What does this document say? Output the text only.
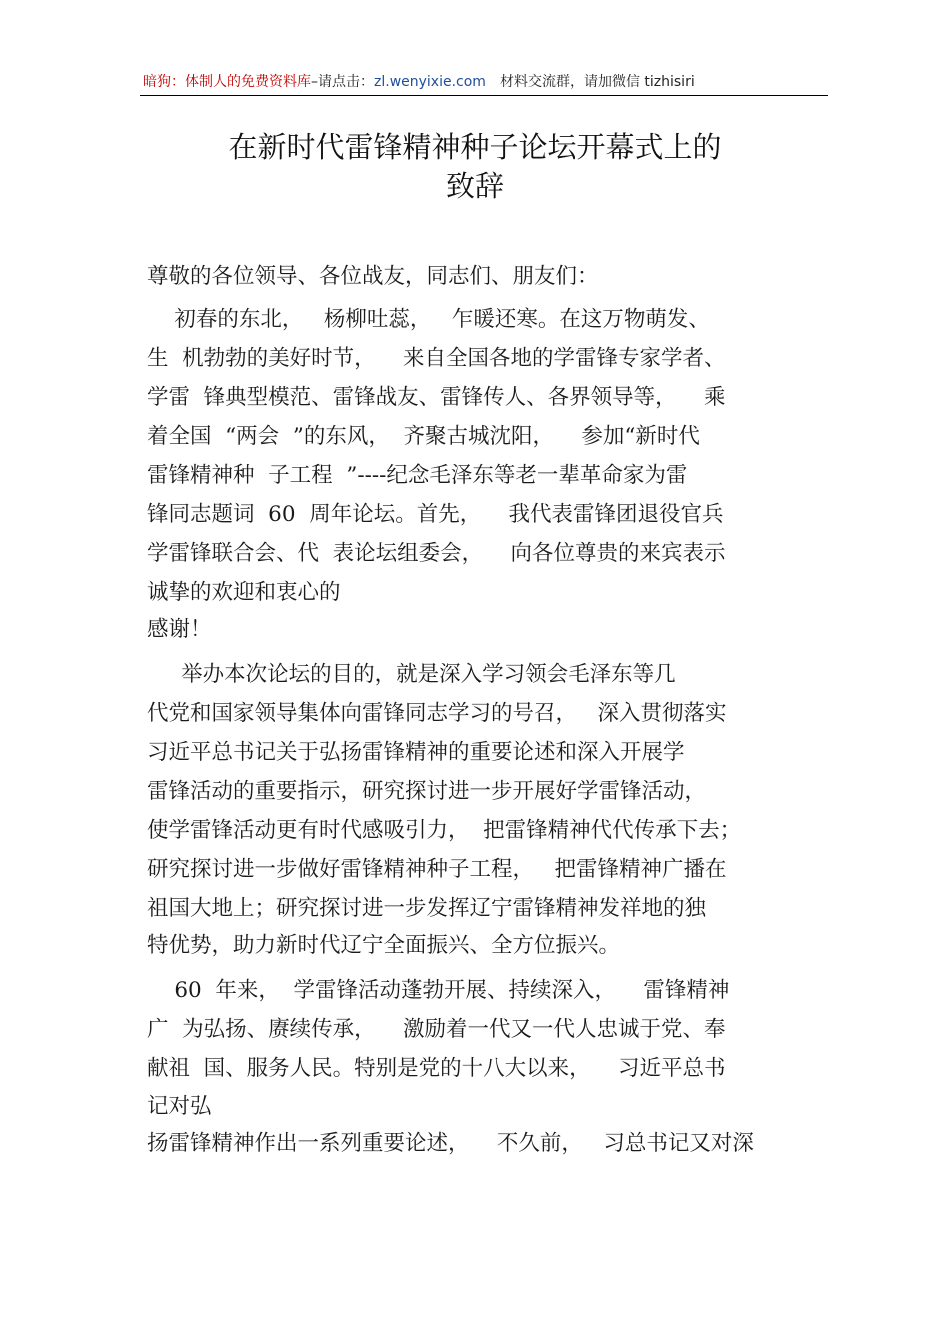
暗狗：体制人的免费资料库–请点击：zl.wenyixie.com 材料交流群，请加微信 tizhisiri
在新时代雷锋精神种子论坛开幕式上的
致辞
尊敬的各位领导、各位战友，同志们、朋友们：
初春的东北，   杨柳吐蕊，   乍暖还寒。在这万物萌发、
生  机勃勃的美好时节，    来自全国各地的学雷锋专家学者、
学雷  锋典型模范、雷锋战友、雷锋传人、各界领导等，    乘
着全国  “两会  ”的东风，  齐聚古城沈阳，    参加“新时代
雷锋精神种  子工程  ”----纪念毛泽东等老一辈革命家为雷
锋同志题词  60  周年论坛。首先，    我代表雷锋团退役官兵
学雷锋联合会、代  表论坛组委会，    向各位尊贵的来宾表示
诚挚的欢迎和衷心的
感谢！
举办本次论坛的目的，就是深入学习领会毛泽东等几
代党和国家领导集体向雷锋同志学习的号召，   深入贯彻落实
习近平总书记关于弘扬雷锋精神的重要论述和深入开展学
雷锋活动的重要指示，研究探讨进一步开展好学雷锋活动，
使学雷锋活动更有时代感吸引力，  把雷锋精神代代传承下去；
研究探讨进一步做好雷锋精神种子工程，   把雷锋精神广播在
祖国大地上；研究探讨进一步发挥辽宁雷锋精神发祥地的独
特优势，助力新时代辽宁全面振兴、全方位振兴。
60  年来，  学雷锋活动蓬勃开展、持续深入，    雷锋精神
广  为弘扬、赓续传承，    激励着一代又一代人忠诚于党、奉
献祖  国、服务人民。特别是党的十八大以来，    习近平总书
记对弘
扬雷锋精神作出一系列重要论述，    不久前，   习总书记又对深
